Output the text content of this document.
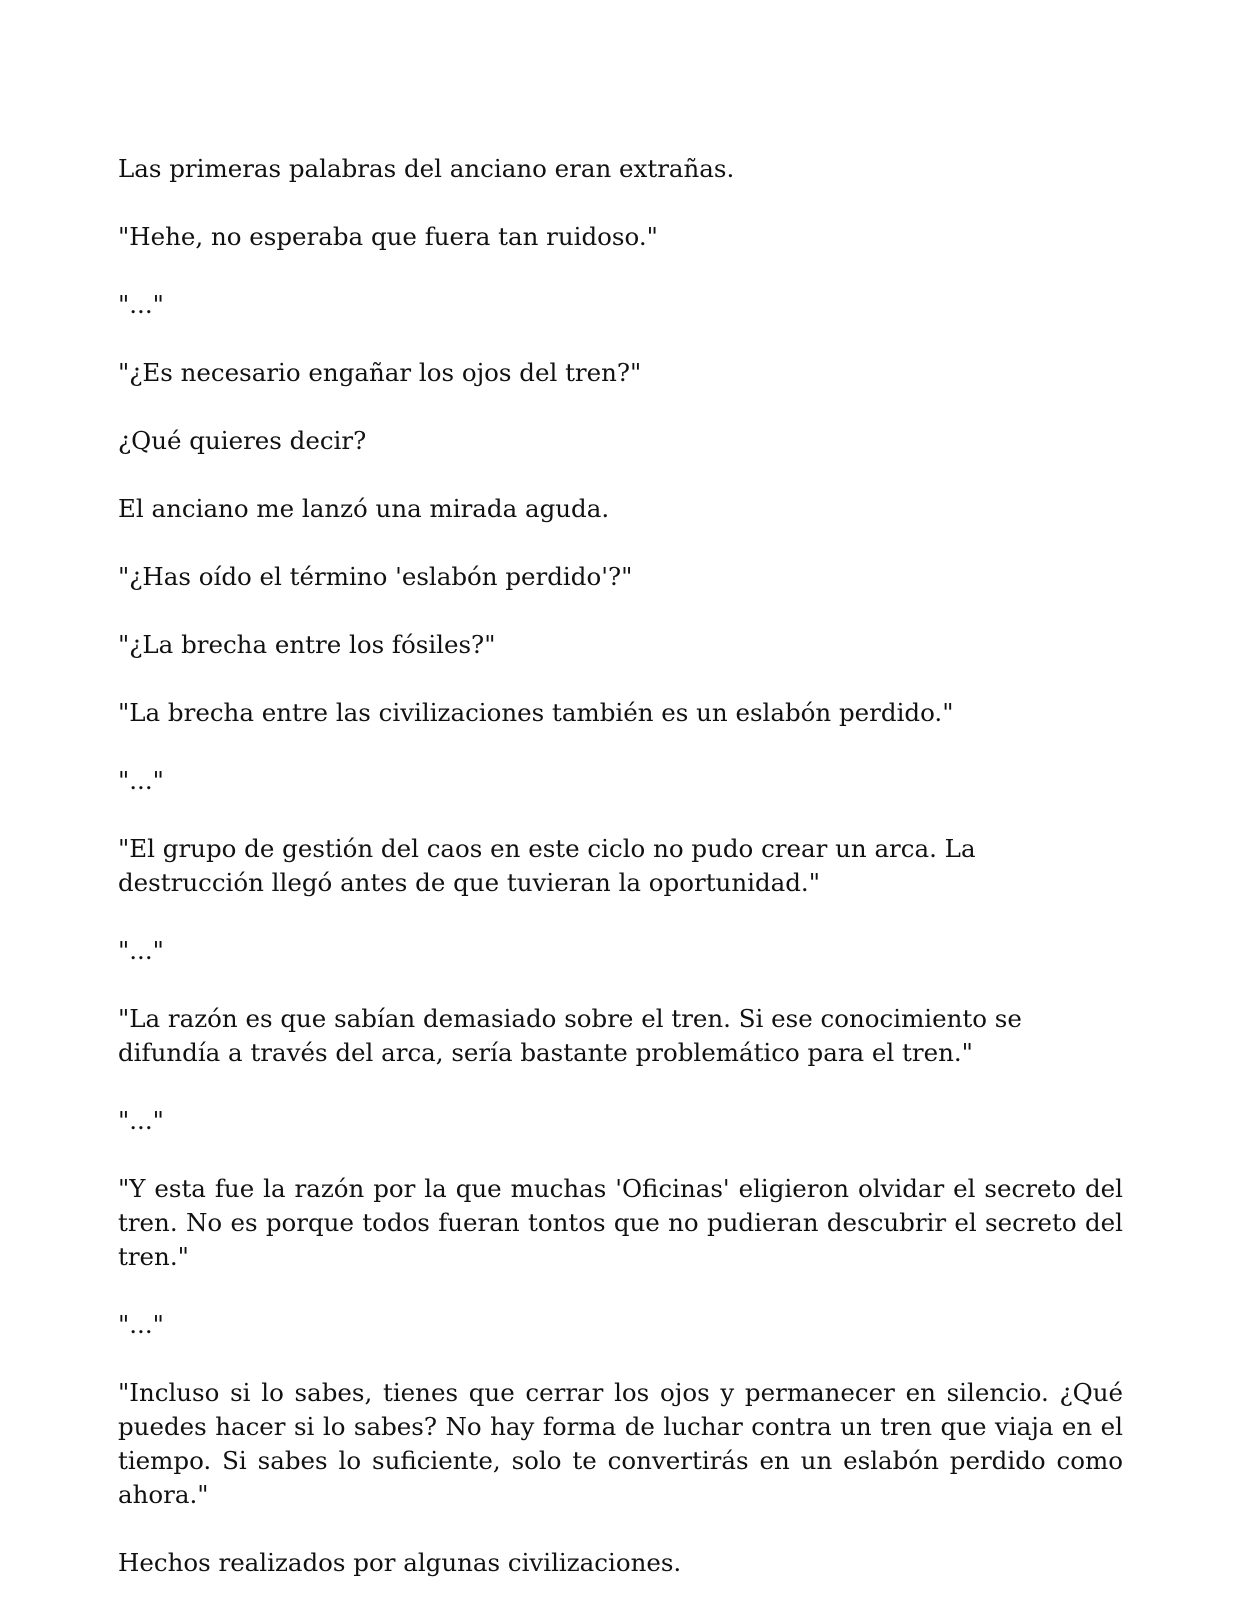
Las primeras palabras del anciano eran extrañas.

"Hehe, no esperaba que fuera tan ruidoso."

"..."

"¿Es necesario engañar los ojos del tren?"

¿Qué quieres decir?

El anciano me lanzó una mirada aguda.

"¿Has oído el término 'eslabón perdido'?"

"¿La brecha entre los fósiles?"

"La brecha entre las civilizaciones también es un eslabón perdido."

"..."

"El grupo de gestión del caos en este ciclo no pudo crear un arca. La destrucción llegó antes de que tuvieran la oportunidad."

"..."

"La razón es que sabían demasiado sobre el tren. Si ese conocimiento se difundía a través del arca, sería bastante problemático para el tren."

"..."

"Y esta fue la razón por la que muchas 'Oficinas' eligieron olvidar el secreto del tren. No es porque todos fueran tontos que no pudieran descubrir el secreto del tren."

"..."

"Incluso si lo sabes, tienes que cerrar los ojos y permanecer en silencio. ¿Qué puedes hacer si lo sabes? No hay forma de luchar contra un tren que viaja en el tiempo. Si sabes lo suficiente, solo te convertirás en un eslabón perdido como ahora."

Hechos realizados por algunas civilizaciones.
